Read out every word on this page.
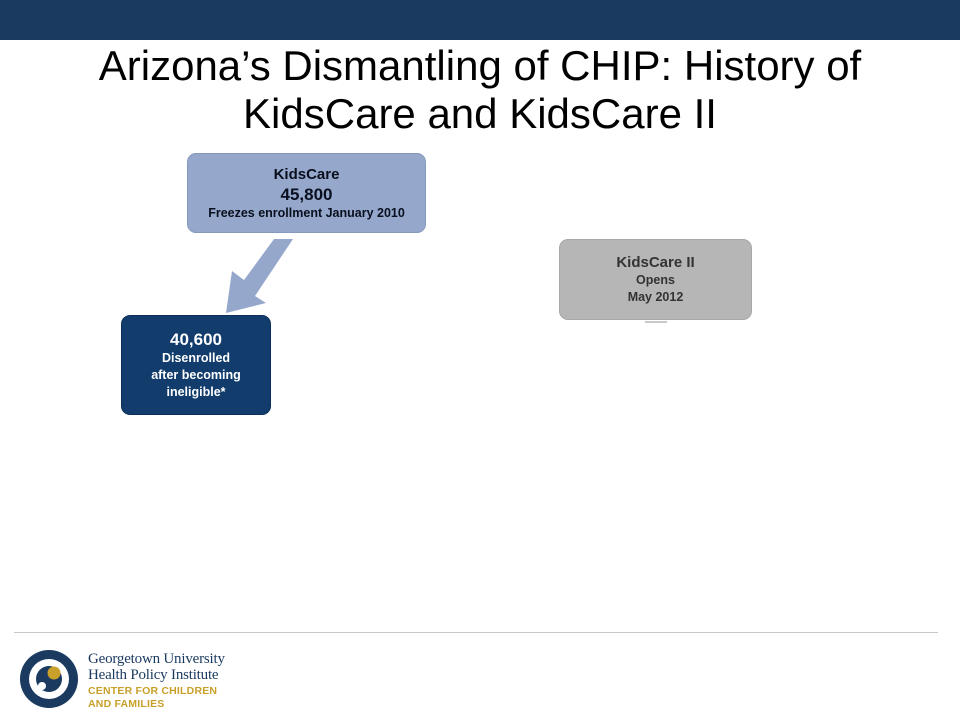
Arizona’s Dismantling of CHIP: History of
KidsCare and KidsCare II
KidsCare
45,800
Freezes enrollment January 2010
40,600
Disenrolled
after becoming
ineligible*
KidsCare II
Opens
May 2012
Georgetown University
Health Policy Institute
CENTER FOR CHILDREN
AND FAMILIES
